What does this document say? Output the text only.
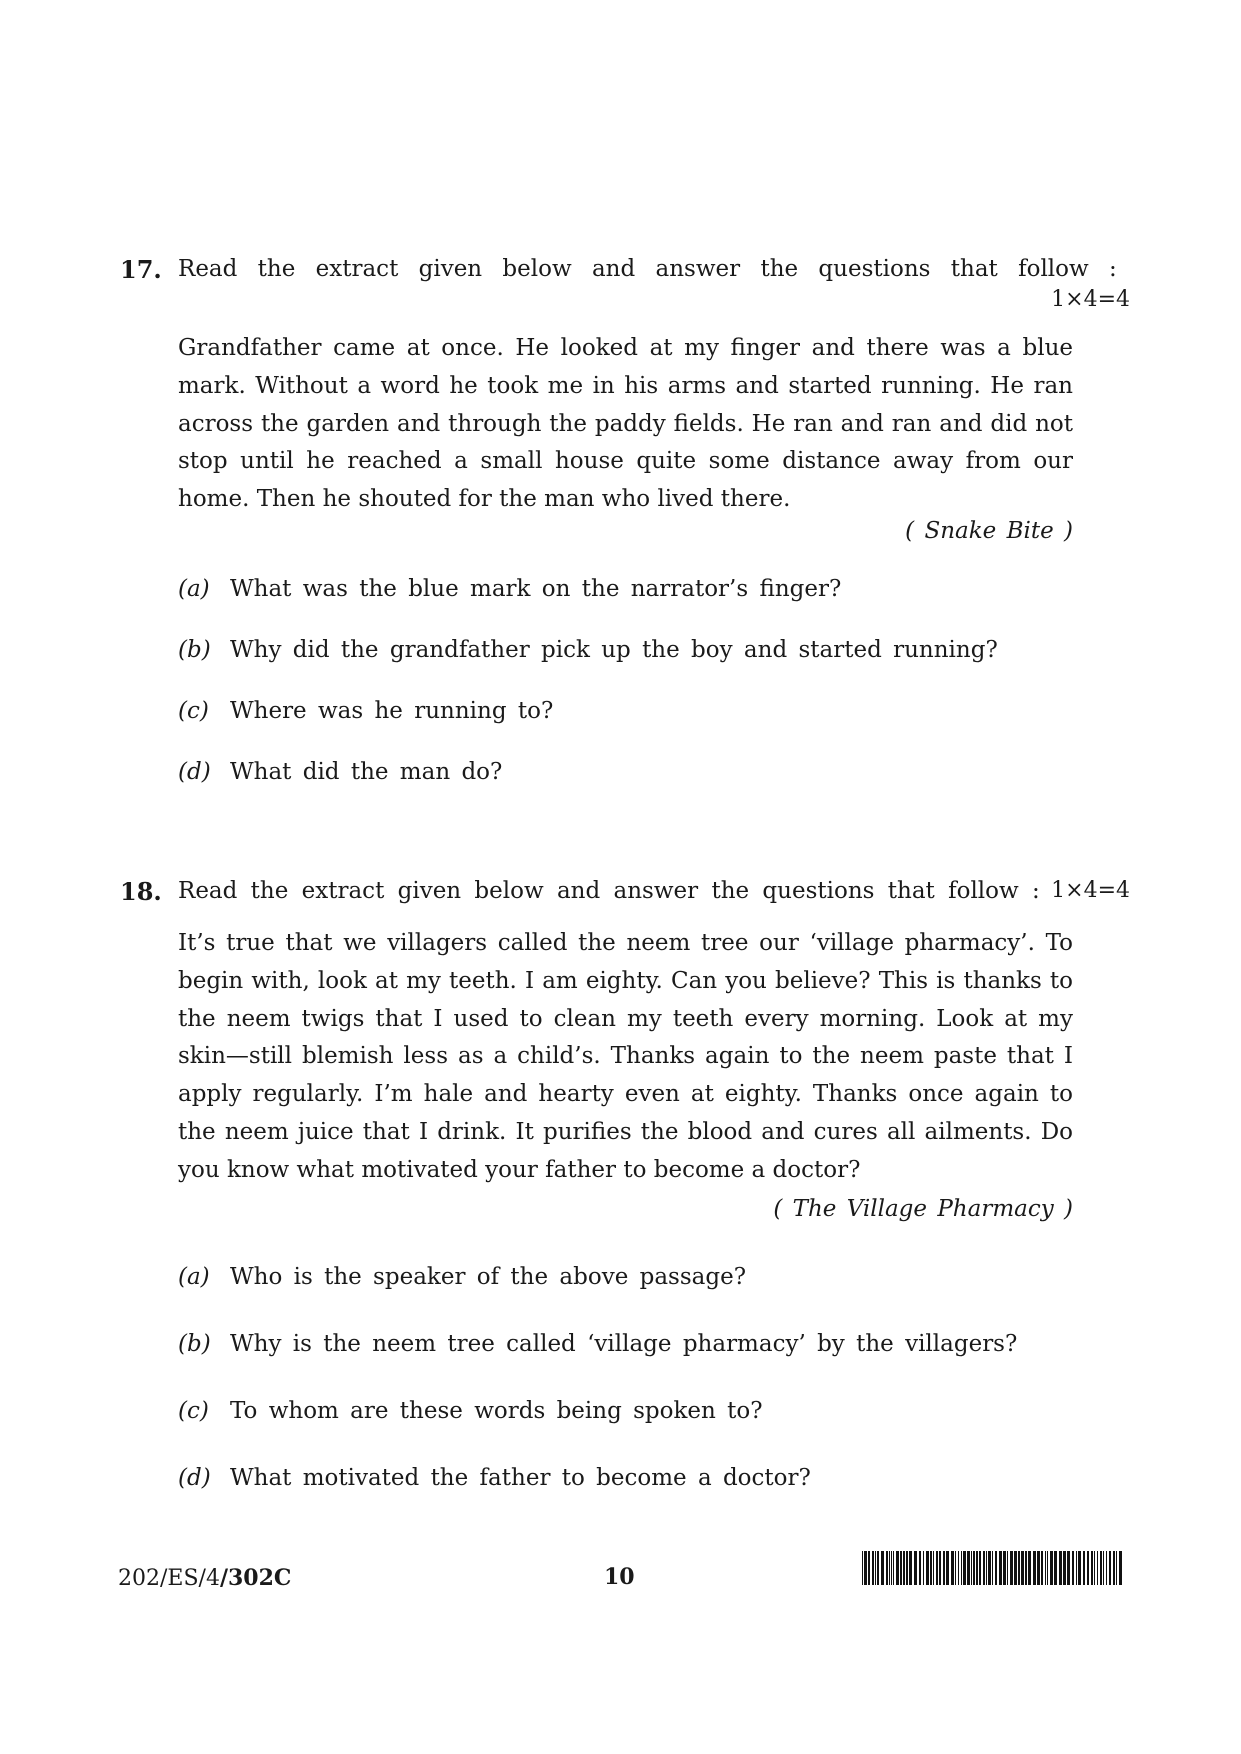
17. Read the extract given below and answer the questions that follow :
1×4=4
Grandfather came at once. He looked at my finger and there was a blue mark. Without a word he took me in his arms and started running. He ran across the garden and through the paddy fields. He ran and ran and did not stop until he reached a small house quite some distance away from our home. Then he shouted for the man who lived there.
( Snake Bite )
(a) What was the blue mark on the narrator’s finger?
(b) Why did the grandfather pick up the boy and started running?
(c) Where was he running to?
(d) What did the man do?
18. Read the extract given below and answer the questions that follow : 1×4=4
It’s true that we villagers called the neem tree our ‘village pharmacy’. To begin with, look at my teeth. I am eighty. Can you believe? This is thanks to the neem twigs that I used to clean my teeth every morning. Look at my skin—still blemish less as a child’s. Thanks again to the neem paste that I apply regularly. I’m hale and hearty even at eighty. Thanks once again to the neem juice that I drink. It purifies the blood and cures all ailments. Do you know what motivated your father to become a doctor?
( The Village Pharmacy )
(a) Who is the speaker of the above passage?
(b) Why is the neem tree called ‘village pharmacy’ by the villagers?
(c) To whom are these words being spoken to?
(d) What motivated the father to become a doctor?
202/ES/4/302C	10
